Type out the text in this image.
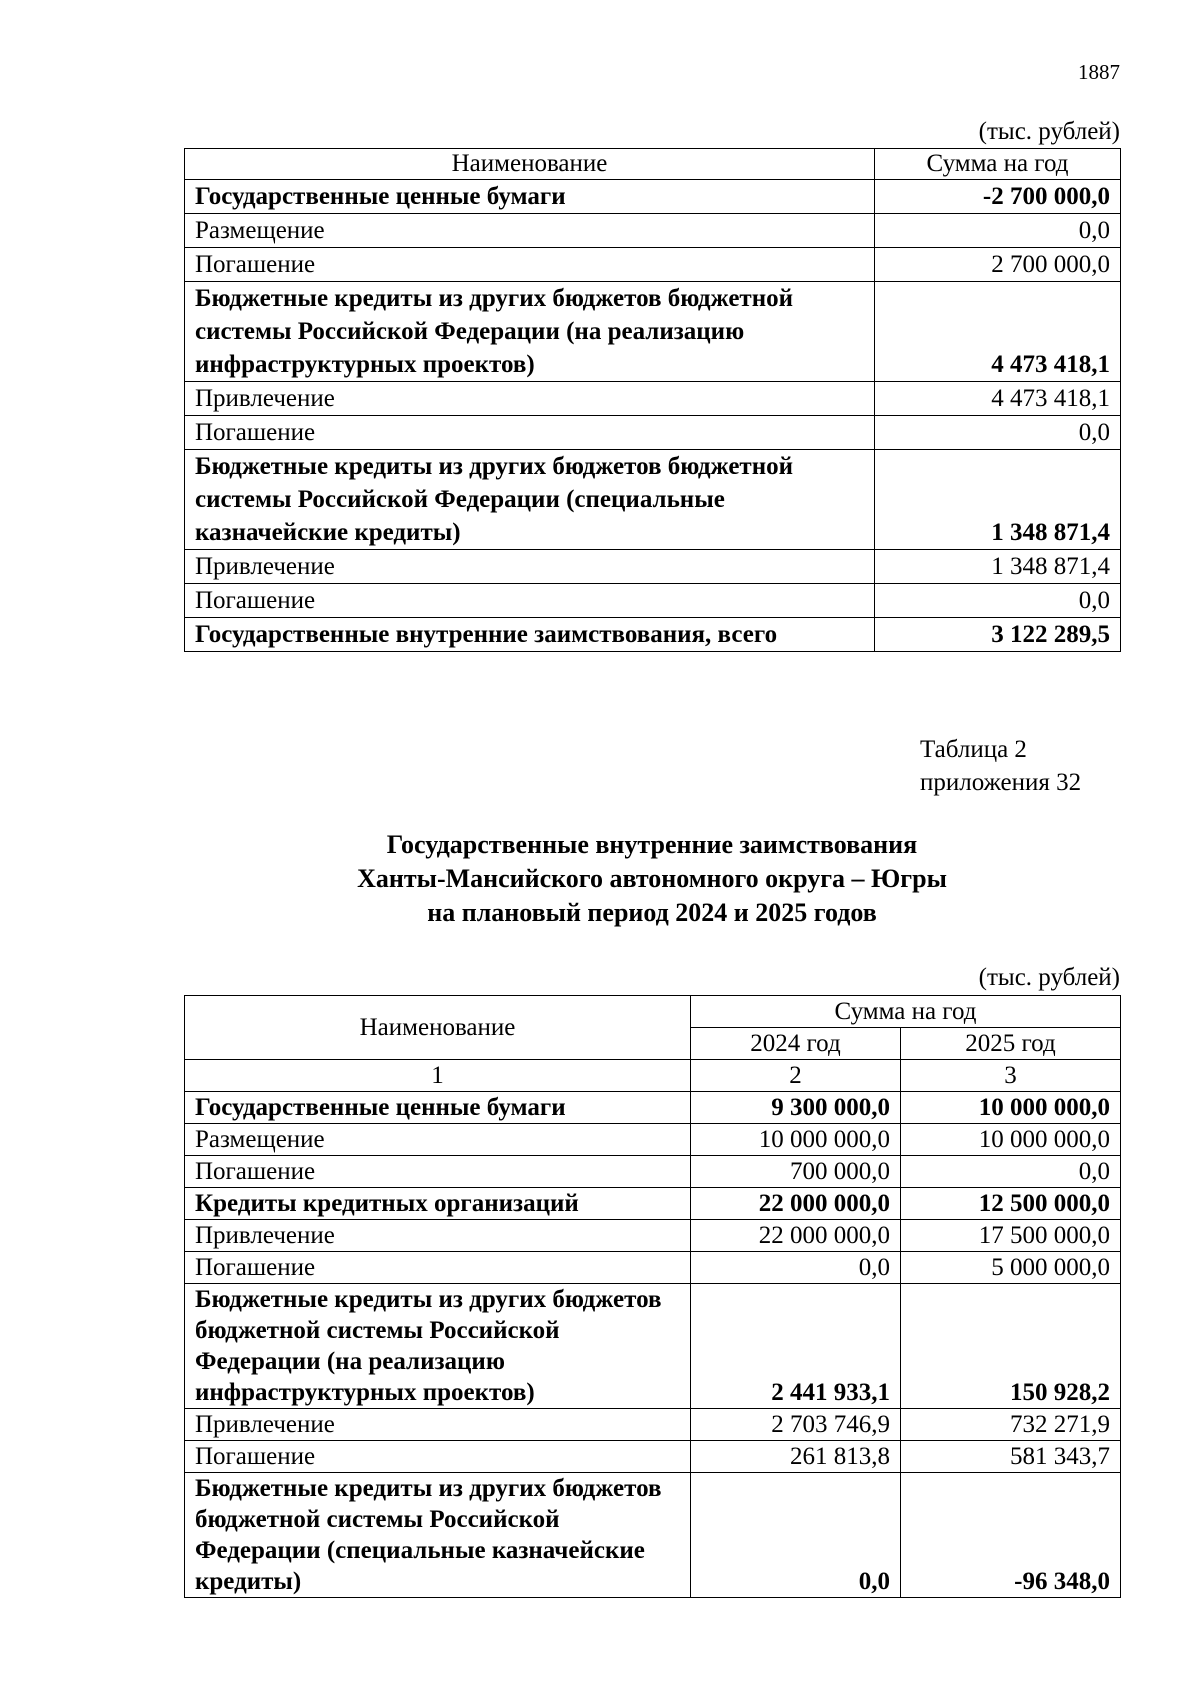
1887
(тыс. рублей)
Наименование	Сумма на год
Государственные ценные бумаги	-2 700 000,0
Размещение	0,0
Погашение	2 700 000,0
Бюджетные кредиты из других бюджетов бюджетной системы Российской Федерации (на реализацию инфраструктурных проектов)	4 473 418,1
Привлечение	4 473 418,1
Погашение	0,0
Бюджетные кредиты из других бюджетов бюджетной системы Российской Федерации (специальные казначейские кредиты)	1 348 871,4
Привлечение	1 348 871,4
Погашение	0,0
Государственные внутренние заимствования, всего	3 122 289,5
Таблица 2
приложения 32
Государственные внутренние заимствования
Ханты-Мансийского автономного округа – Югры
на плановый период 2024 и 2025 годов
(тыс. рублей)
Наименование	Сумма на год	
	2024 год	2025 год
1	2	3
Государственные ценные бумаги	9 300 000,0	10 000 000,0
Размещение	10 000 000,0	10 000 000,0
Погашение	700 000,0	0,0
Кредиты кредитных организаций	22 000 000,0	12 500 000,0
Привлечение	22 000 000,0	17 500 000,0
Погашение	0,0	5 000 000,0
Бюджетные кредиты из других бюджетов бюджетной системы Российской Федерации (на реализацию инфраструктурных проектов)	2 441 933,1	150 928,2
Привлечение	2 703 746,9	732 271,9
Погашение	261 813,8	581 343,7
Бюджетные кредиты из других бюджетов бюджетной системы Российской Федерации (специальные казначейские кредиты)	0,0	-96 348,0
